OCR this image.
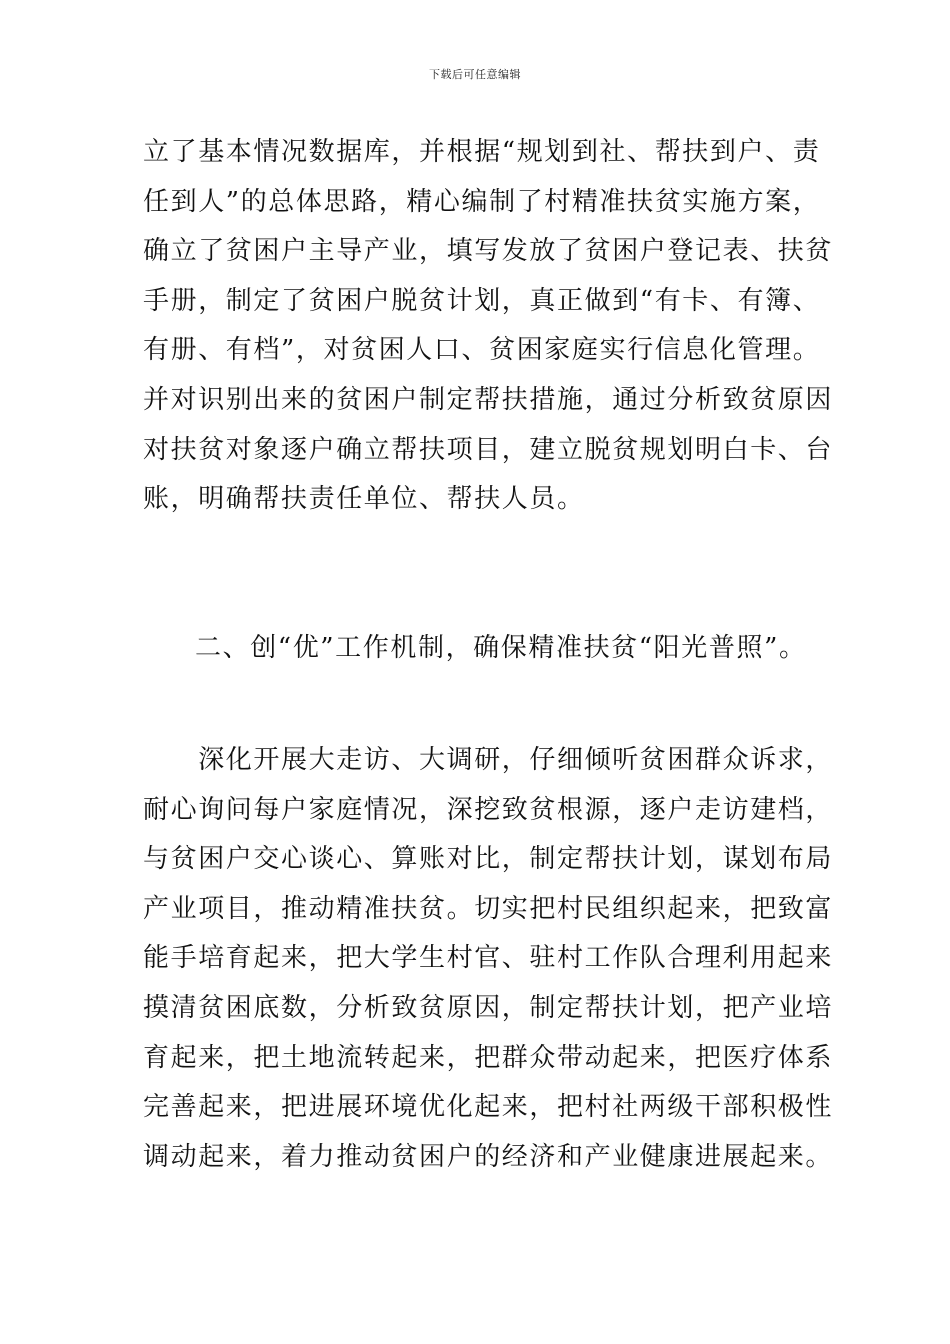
下载后可任意编辑
立了基本情况数据库，并根据“规划到社、帮扶到户、责
任到人”的总体思路，精心编制了村精准扶贫实施方案，
确立了贫困户主导产业，填写发放了贫困户登记表、扶贫
手册，制定了贫困户脱贫计划，真正做到“有卡、有簿、
有册、有档”，对贫困人口、贫困家庭实行信息化管理。
并对识别出来的贫困户制定帮扶措施，通过分析致贫原因
对扶贫对象逐户确立帮扶项目，建立脱贫规划明白卡、台
账，明确帮扶责任单位、帮扶人员。
二、创“优”工作机制，确保精准扶贫“阳光普照”。
　　深化开展大走访、大调研，仔细倾听贫困群众诉求，
耐心询问每户家庭情况，深挖致贫根源，逐户走访建档，
与贫困户交心谈心、算账对比，制定帮扶计划，谋划布局
产业项目，推动精准扶贫。切实把村民组织起来，把致富
能手培育起来，把大学生村官、驻村工作队合理利用起来
摸清贫困底数，分析致贫原因，制定帮扶计划，把产业培
育起来，把土地流转起来，把群众带动起来，把医疗体系
完善起来，把进展环境优化起来，把村社两级干部积极性
调动起来，着力推动贫困户的经济和产业健康进展起来。
